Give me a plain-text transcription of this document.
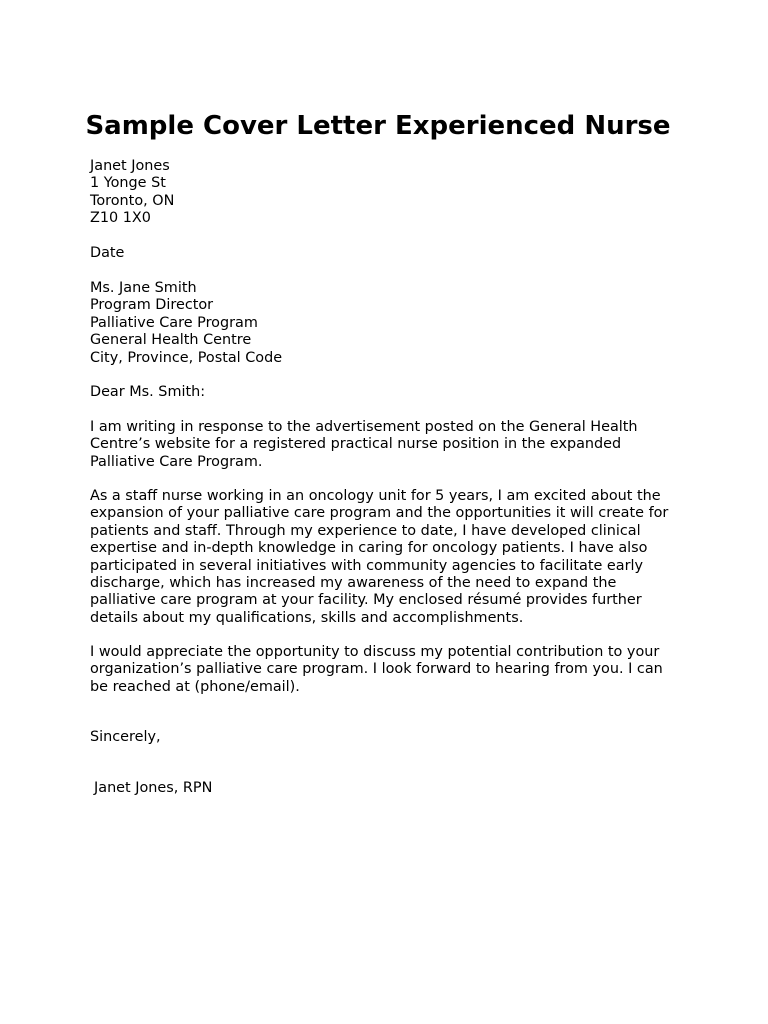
Sample Cover Letter Experienced Nurse
Janet Jones
1 Yonge St
Toronto, ON
Z10 1X0
Date
Ms. Jane Smith
Program Director
Palliative Care Program
General Health Centre
City, Province, Postal Code
Dear Ms. Smith:
I am writing in response to the advertisement posted on the General Health
Centre’s website for a registered practical nurse position in the expanded
Palliative Care Program.
As a staff nurse working in an oncology unit for 5 years, I am excited about the
expansion of your palliative care program and the opportunities it will create for
patients and staff. Through my experience to date, I have developed clinical
expertise and in-depth knowledge in caring for oncology patients. I have also
participated in several initiatives with community agencies to facilitate early
discharge, which has increased my awareness of the need to expand the
palliative care program at your facility. My enclosed résumé provides further
details about my qualifications, skills and accomplishments.
I would appreciate the opportunity to discuss my potential contribution to your
organization’s palliative care program. I look forward to hearing from you. I can
be reached at (phone/email).
Sincerely,
Janet Jones, RPN
